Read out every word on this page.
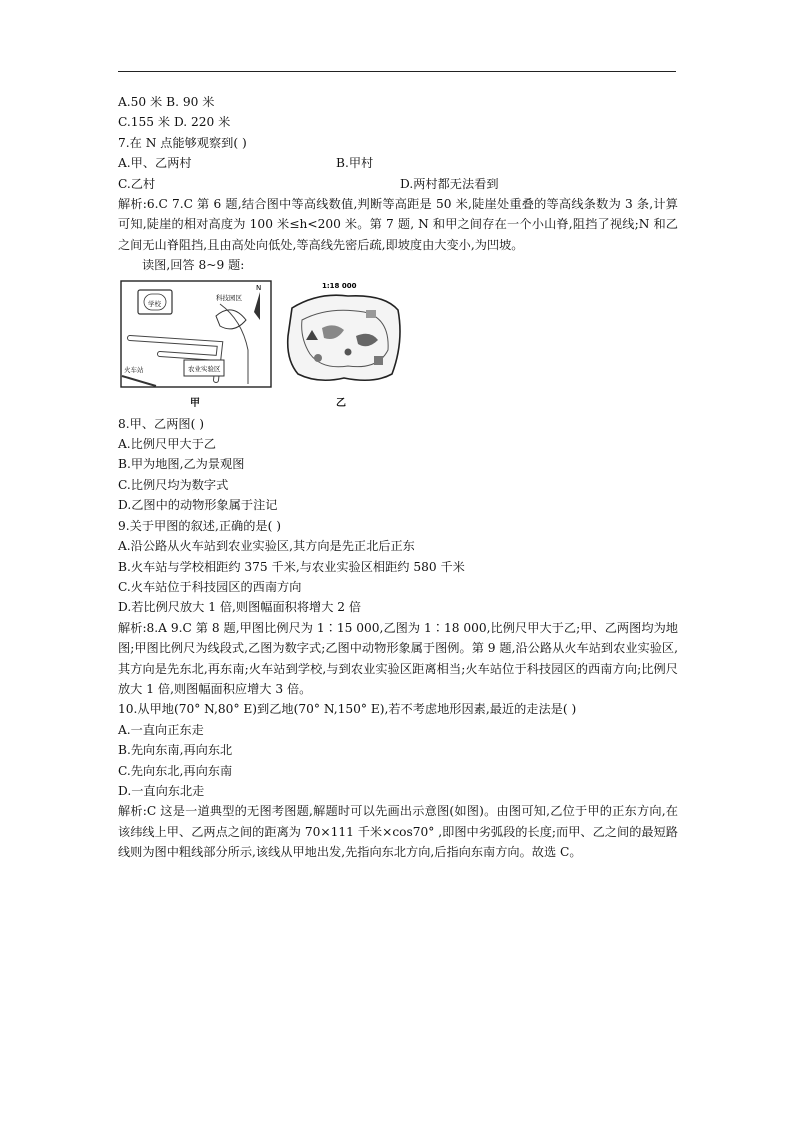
A.50 米 B. 90 米
C.155 米 D. 220 米
7.在 N 点能够观察到( )
A.甲、乙两村	B.甲村
C.乙村	D.两村都无法看到
解析:6.C 7.C 第 6 题,结合图中等高线数值,判断等高距是 50 米,陡崖处重叠的等高线条数为 3 条,计算可知,陡崖的相对高度为 100 米≤h<200 米。第 7 题, N 和甲之间存在一个小山脊,阻挡了视线;N 和乙之间无山脊阻挡,且由高处向低处,等高线先密后疏,即坡度由大变小,为凹坡。
读图,回答 8~9 题:
学校
科技园区
N
火车站	农业实验区
1:18 000
甲	乙
8.甲、乙两图( )
A.比例尺甲大于乙
B.甲为地图,乙为景观图
C.比例尺均为数字式
D.乙图中的动物形象属于注记
9.关于甲图的叙述,正确的是( )
A.沿公路从火车站到农业实验区,其方向是先正北后正东
B.火车站与学校相距约 375 千米,与农业实验区相距约 580 千米
C.火车站位于科技园区的西南方向
D.若比例尺放大 1 倍,则图幅面积将增大 2 倍
解析:8.A 9.C 第 8 题,甲图比例尺为 1∶15 000,乙图为 1∶18 000,比例尺甲大于乙;甲、乙两图均为地图;甲图比例尺为线段式,乙图为数字式;乙图中动物形象属于图例。第 9 题,沿公路从火车站到农业实验区,其方向是先东北,再东南;火车站到学校,与到农业实验区距离相当;火车站位于科技园区的西南方向;比例尺放大 1 倍,则图幅面积应增大 3 倍。
10.从甲地(70° N,80° E)到乙地(70° N,150° E),若不考虑地形因素,最近的走法是( )
A.一直向正东走
B.先向东南,再向东北
C.先向东北,再向东南
D.一直向东北走
解析:C 这是一道典型的无图考图题,解题时可以先画出示意图(如图)。由图可知,乙位于甲的正东方向,在该纬线上甲、乙两点之间的距离为 70×111 千米×cos70° ,即图中劣弧段的长度;而甲、乙之间的最短路线则为图中粗线部分所示,该线从甲地出发,先指向东北方向,后指向东南方向。故选 C。
